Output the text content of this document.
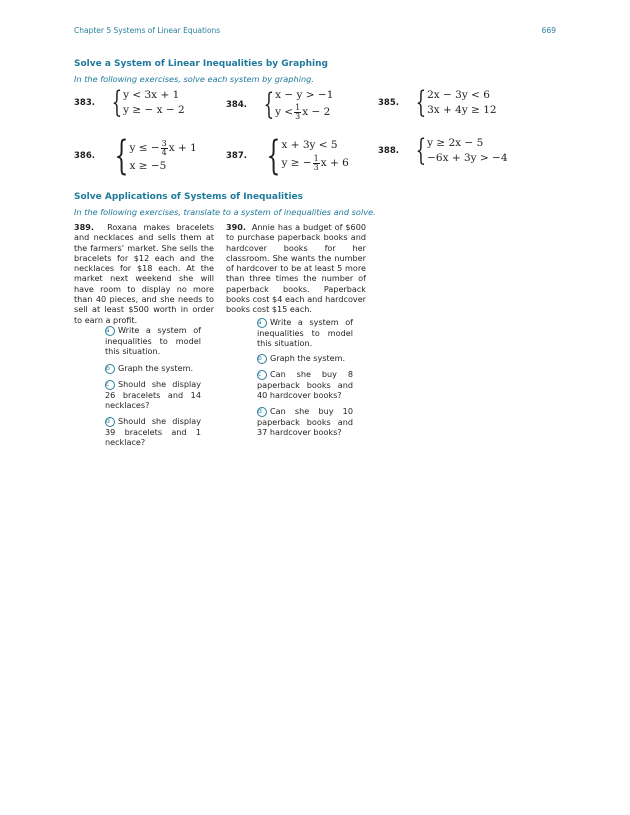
Chapter 5 Systems of Linear Equations	669
Solve a System of Linear Inequalities by Graphing
In the following exercises, solve each system by graphing.
383. { y < 3x + 1
y ≥ − x − 2	384. { x − y > −1
$y < \frac{1}{3}$ x − 2
385. { 2x − 3y < 6
3x + 4y ≥ 12
386. { y ≤ − $\frac{3}{4}$ x + 1
x ≥ −5
387. { x + 3y < 5
y ≥ − $\frac{1}{3}$ x + 6
388. { y ≥ 2x − 5
−6x + 3y > −4
Solve Applications of Systems of Inequalities
In the following exercises, translate to a system of inequalities and solve.
389. Roxana makes bracelets and necklaces and sells them at the farmers’ market. She sells the bracelets for $12 each and the necklaces for $18 each. At the market next weekend she will have room to display no more than 40 pieces, and she needs to sell at least $500 worth in order to earn a profit.
a Write a system of inequalities to model this situation.
b Graph the system.
c Should she display 26 bracelets and 14 necklaces?
d Should she display 39 bracelets and 1 necklace?
390. Annie has a budget of $600 to purchase paperback books and hardcover books for her classroom. She wants the number of hardcover to be at least 5 more than three times the number of paperback books. Paperback books cost $4 each and hardcover books cost $15 each.
a Write a system of inequalities to model this situation.
b Graph the system.
c Can she buy 8 paperback books and 40 hardcover books?
d Can she buy 10 paperback books and 37 hardcover books?
